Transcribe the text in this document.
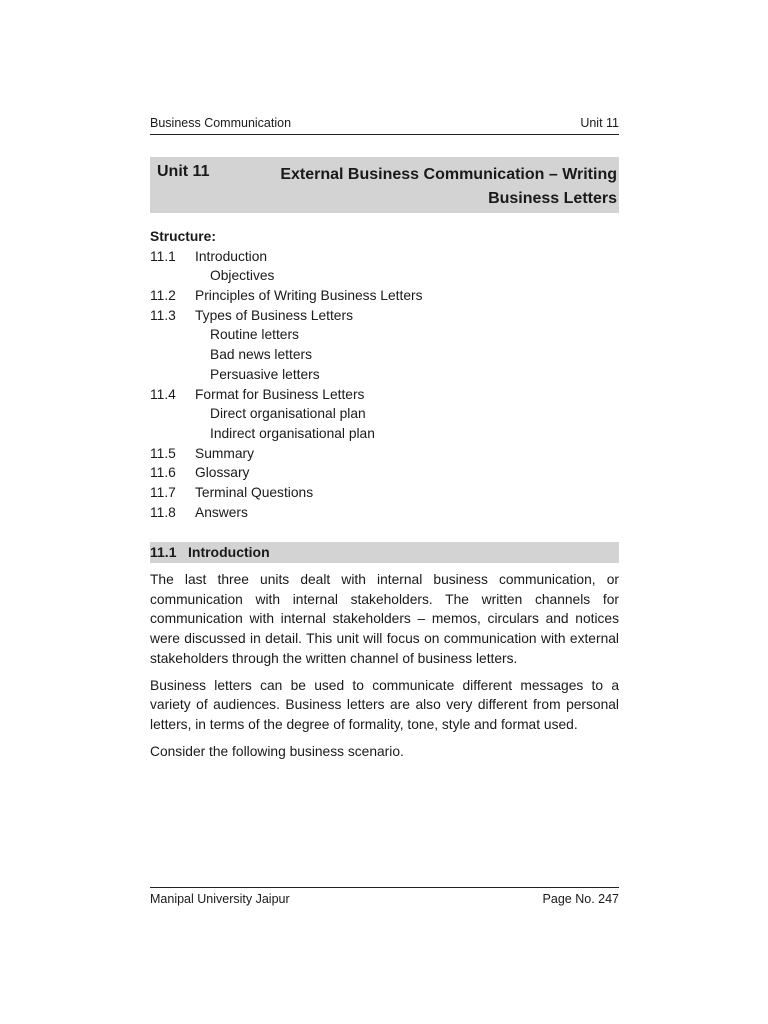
Business Communication	Unit 11
Unit 11	External Business Communication – Writing Business Letters
Structure:
11.1 Introduction
Objectives
11.2 Principles of Writing Business Letters
11.3 Types of Business Letters
Routine letters
Bad news letters
Persuasive letters
11.4 Format for Business Letters
Direct organisational plan
Indirect organisational plan
11.5 Summary
11.6 Glossary
11.7 Terminal Questions
11.8 Answers
11.1 Introduction

The last three units dealt with internal business communication, or communication with internal stakeholders. The written channels for communication with internal stakeholders – memos, circulars and notices were discussed in detail. This unit will focus on communication with external stakeholders through the written channel of business letters.

Business letters can be used to communicate different messages to a variety of audiences. Business letters are also very different from personal letters, in terms of the degree of formality, tone, style and format used.

Consider the following business scenario.

Manipal University Jaipur	Page No. 247
